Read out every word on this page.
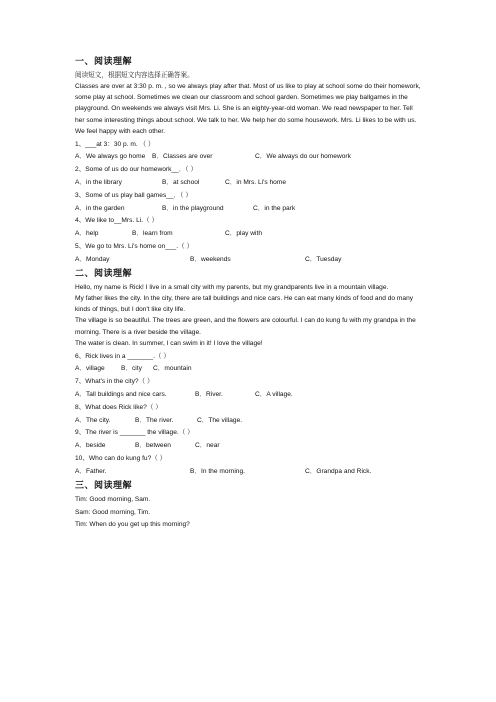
一、阅读理解
阅读短文，根据短文内容选择正确答案。

Classes are over at 3:30 p. m. , so we always play after that. Most of us like to play at school some do their homework, some play at school. Sometimes we clean our classroom and school garden. Sometimes we play ballgames in the playground. On weekends we always visit Mrs. Li. She is an eighty-year-old woman. We read newspaper to her. Tell her some interesting things about school. We talk to her. We help her do some housework. Mrs. Li likes to be with us. We feel happy with each other.

1、___at 3：30 p. m. （ ）
A．We always go home B．Classes are over	C．We always do our homework
2、Some of us do our homework__．（ ）
A．in the library	B．at school	C．in Mrs. Li's home
3、Some of us play ball games__．（ ）
A．in the garden	B．in the playground	C．in the park
4、We like to__Mrs. Li.（ ）
A．help	B．learn from	C．play with
5、We go to Mrs. Li's home on___.（ ）
A．Monday	B．weekends	C．Tuesday
二、阅读理解

Hello, my name is Rick! I live in a small city with my parents, but my grandparents live in a mountain village.

My father likes the city. In the city, there are tall buildings and nice cars. He can eat many kinds of food and do many kinds of things, but I don't like city life.

The village is so beautiful. The trees are green, and the flowers are colourful. I can do kung fu with my grandpa in the morning. There is a river beside the village.

The water is clean. In summer, I can swim in it! I love the village!

6、Rick lives in a _______.（ ）
A．village B．city C．mountain
7、What's in the city?（ ）
A．Tall buildings and nice cars.	B．River.	C．A village.
8、What does Rick like?（ ）
A．The city.	B．The river.	C．The village.
9、The river is _______ the village.（ ）
A．beside	B．between	C．near
10、Who can do kung fu?（ ）
A．Father.	B．In the morning.	C．Grandpa and Rick.
三、阅读理解
Tim: Good morning, Sam.
Sam: Good morning, Tim.
Tim: When do you get up this morning?
